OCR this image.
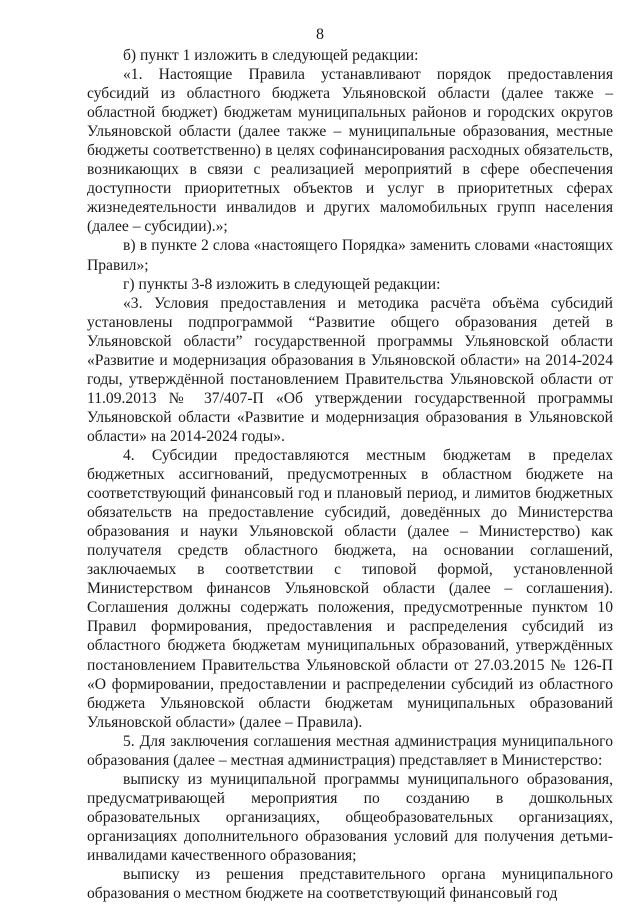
8

б) пункт 1 изложить в следующей редакции:

«1. Настоящие Правила устанавливают порядок предоставления субсидий из областного бюджета Ульяновской области (далее также – областной бюджет) бюджетам муниципальных районов и городских округов Ульяновской области (далее также – муниципальные образования, местные бюджеты соответственно) в целях софинансирования расходных обязательств, возникающих в связи с реализацией мероприятий в сфере обеспечения доступности приоритетных объектов и услуг в приоритетных сферах жизнедеятельности инвалидов и других маломобильных групп населения (далее – субсидии).»;

в) в пункте 2 слова «настоящего Порядка» заменить словами «настоящих Правил»;

г) пункты 3-8 изложить в следующей редакции:

«3. Условия предоставления и методика расчёта объёма субсидий установлены подпрограммой “Развитие общего образования детей в Ульяновской области” государственной программы Ульяновской области «Развитие и модернизация образования в Ульяновской области» на 2014-2024 годы, утверждённой постановлением Правительства Ульяновской области от 11.09.2013 № 37/407-П «Об утверждении государственной программы Ульяновской области «Развитие и модернизация образования в Ульяновской области» на 2014-2024 годы».

4. Субсидии предоставляются местным бюджетам в пределах бюджетных ассигнований, предусмотренных в областном бюджете на соответствующий финансовый год и плановый период, и лимитов бюджетных обязательств на предоставление субсидий, доведённых до Министерства образования и науки Ульяновской области (далее – Министерство) как получателя средств областного бюджета, на основании соглашений, заключаемых в соответствии с типовой формой, установленной Министерством финансов Ульяновской области (далее – соглашения). Соглашения должны содержать положения, предусмотренные пунктом 10 Правил формирования, предоставления и распределения субсидий из областного бюджета бюджетам муниципальных образований, утверждённых постановлением Правительства Ульяновской области от 27.03.2015 № 126-П «О формировании, предоставлении и распределении субсидий из областного бюджета Ульяновской области бюджетам муниципальных образований Ульяновской области» (далее – Правила).

5. Для заключения соглашения местная администрация муниципального образования (далее – местная администрация) представляет в Министерство:

выписку из муниципальной программы муниципального образования, предусматривающей мероприятия по созданию в дошкольных образовательных организациях, общеобразовательных организациях, организациях дополнительного образования условий для получения детьми-инвалидами качественного образования;

выписку из решения представительного органа муниципального образования о местном бюджете на соответствующий финансовый год
